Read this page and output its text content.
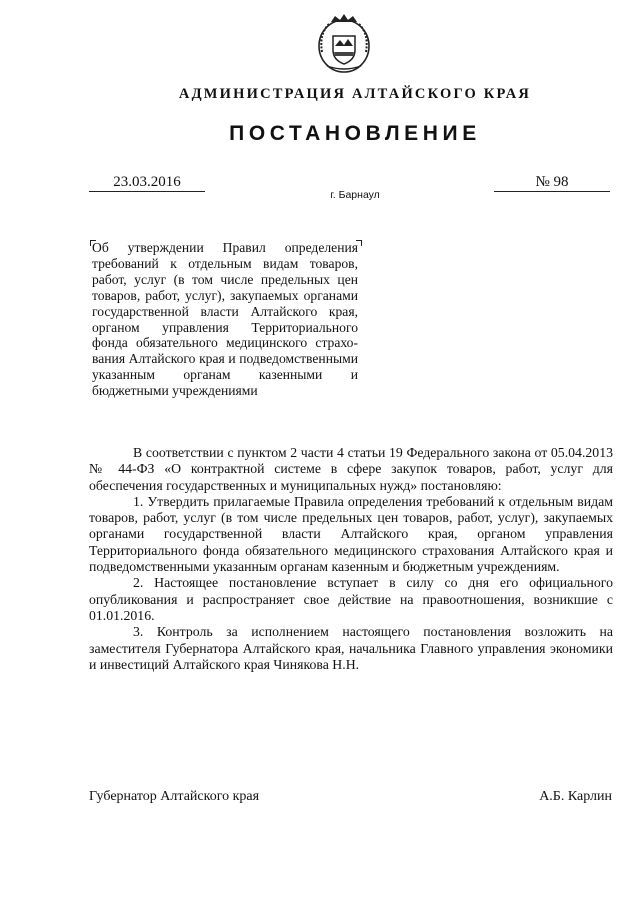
АДМИНИСТРАЦИЯ АЛТАЙСКОГО КРАЯ
ПОСТАНОВЛЕНИЕ
23.03.2016	№ 98
г. Барнаул
Об утверждении Правил определения требований к отдельным видам товаров, работ, услуг (в том числе предельных цен товаров, работ, услуг), закупаемых органами государственной власти Алтайского края, органом управления Территориального фонда обязательного медицинского страхования Алтайского края и подведомственными указанным органам казенными и бюджетными учреждениями

В соответствии с пунктом 2 части 4 статьи 19 Федерального закона от 05.04.2013 № 44-ФЗ «О контрактной системе в сфере закупок товаров, работ, услуг для обеспечения государственных и муниципальных нужд» постановляю:

1. Утвердить прилагаемые Правила определения требований к отдельным видам товаров, работ, услуг (в том числе предельных цен товаров, работ, услуг), закупаемых органами государственной власти Алтайского края, органом управления Территориального фонда обязательного медицинского страхования Алтайского края и подведомственными указанным органам казенным и бюджетным учреждениям.

2. Настоящее постановление вступает в силу со дня его официального опубликования и распространяет свое действие на правоотношения, возникшие с 01.01.2016.

3. Контроль за исполнением настоящего постановления возложить на заместителя Губернатора Алтайского края, начальника Главного управления экономики и инвестиций Алтайского края Чинякова Н.Н.

Губернатор Алтайского края	А.Б. Карлин
